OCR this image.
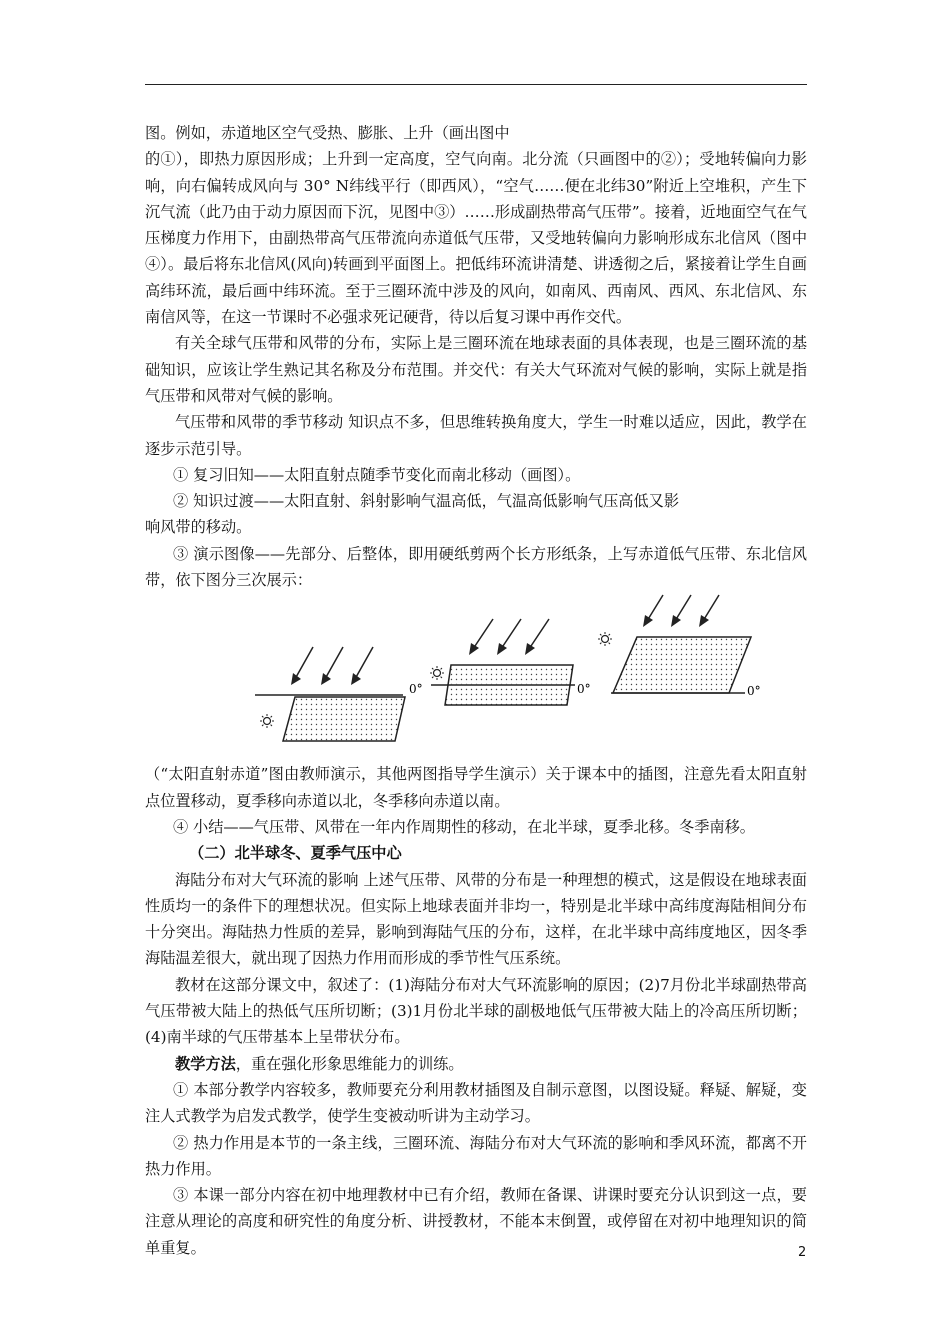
图。例如，赤道地区空气受热、膨胀、上升（画出图中

的①），即热力原因形成；上升到一定高度，空气向南。北分流（只画图中的②）；受地转偏向力影响，向右偏转成风向与 30° N纬线平行（即西风），“空气……便在北纬30”附近上空堆积，产生下沉气流（此乃由于动力原因而下沉，见图中③）……形成副热带高气压带”。接着，近地面空气在气压梯度力作用下，由副热带高气压带流向赤道低气压带，又受地转偏向力影响形成东北信风（图中④）。最后将东北信风(风向)转画到平面图上。把低纬环流讲清楚、讲透彻之后，紧接着让学生自画高纬环流，最后画中纬环流。至于三圈环流中涉及的风向，如南风、西南风、西风、东北信风、东南信风等，在这一节课时不必强求死记硬背，待以后复习课中再作交代。

有关全球气压带和风带的分布，实际上是三圈环流在地球表面的具体表现，也是三圈环流的基础知识，应该让学生熟记其名称及分布范围。并交代：有关大气环流对气候的影响，实际上就是指气压带和风带对气候的影响。

气压带和风带的季节移动 知识点不多，但思维转换角度大，学生一时难以适应，因此，教学在逐步示范引导。

① 复习旧知——太阳直射点随季节变化而南北移动（画图）。

② 知识过渡——太阳直射、斜射影响气温高低，气温高低影响气压高低又影

响风带的移动。

③ 演示图像——先部分、后整体，即用硬纸剪两个长方形纸条，上写赤道低气压带、东北信风带，依下图分三次展示：

0°	0°	0°

（“太阳直射赤道”图由教师演示，其他两图指导学生演示）关于课本中的插图，注意先看太阳直射点位置移动，夏季移向赤道以北，冬季移向赤道以南。

④ 小结——气压带、风带在一年内作周期性的移动，在北半球，夏季北移。冬季南移。

（二）北半球冬、夏季气压中心

海陆分布对大气环流的影响 上述气压带、风带的分布是一种理想的模式，这是假设在地球表面性质均一的条件下的理想状况。但实际上地球表面并非均一，特别是北半球中高纬度海陆相间分布十分突出。海陆热力性质的差异，影响到海陆气压的分布，这样，在北半球中高纬度地区，因冬季海陆温差很大，就出现了因热力作用而形成的季节性气压系统。

教材在这部分课文中，叙述了：(1)海陆分布对大气环流影响的原因；(2)7月份北半球副热带高气压带被大陆上的热低气压所切断；(3)1月份北半球的副极地低气压带被大陆上的冷高压所切断；(4)南半球的气压带基本上呈带状分布。

教学方法，重在强化形象思维能力的训练。

① 本部分教学内容较多，教师要充分利用教材插图及自制示意图，以图设疑。释疑、解疑，变注人式教学为启发式教学，使学生变被动听讲为主动学习。

② 热力作用是本节的一条主线，三圈环流、海陆分布对大气环流的影响和季风环流，都离不开热力作用。

③ 本课一部分内容在初中地理教材中已有介绍，教师在备课、讲课时要充分认识到这一点，要注意从理论的高度和研究性的角度分析、讲授教材，不能本末倒置，或停留在对初中地理知识的简单重复。	2
